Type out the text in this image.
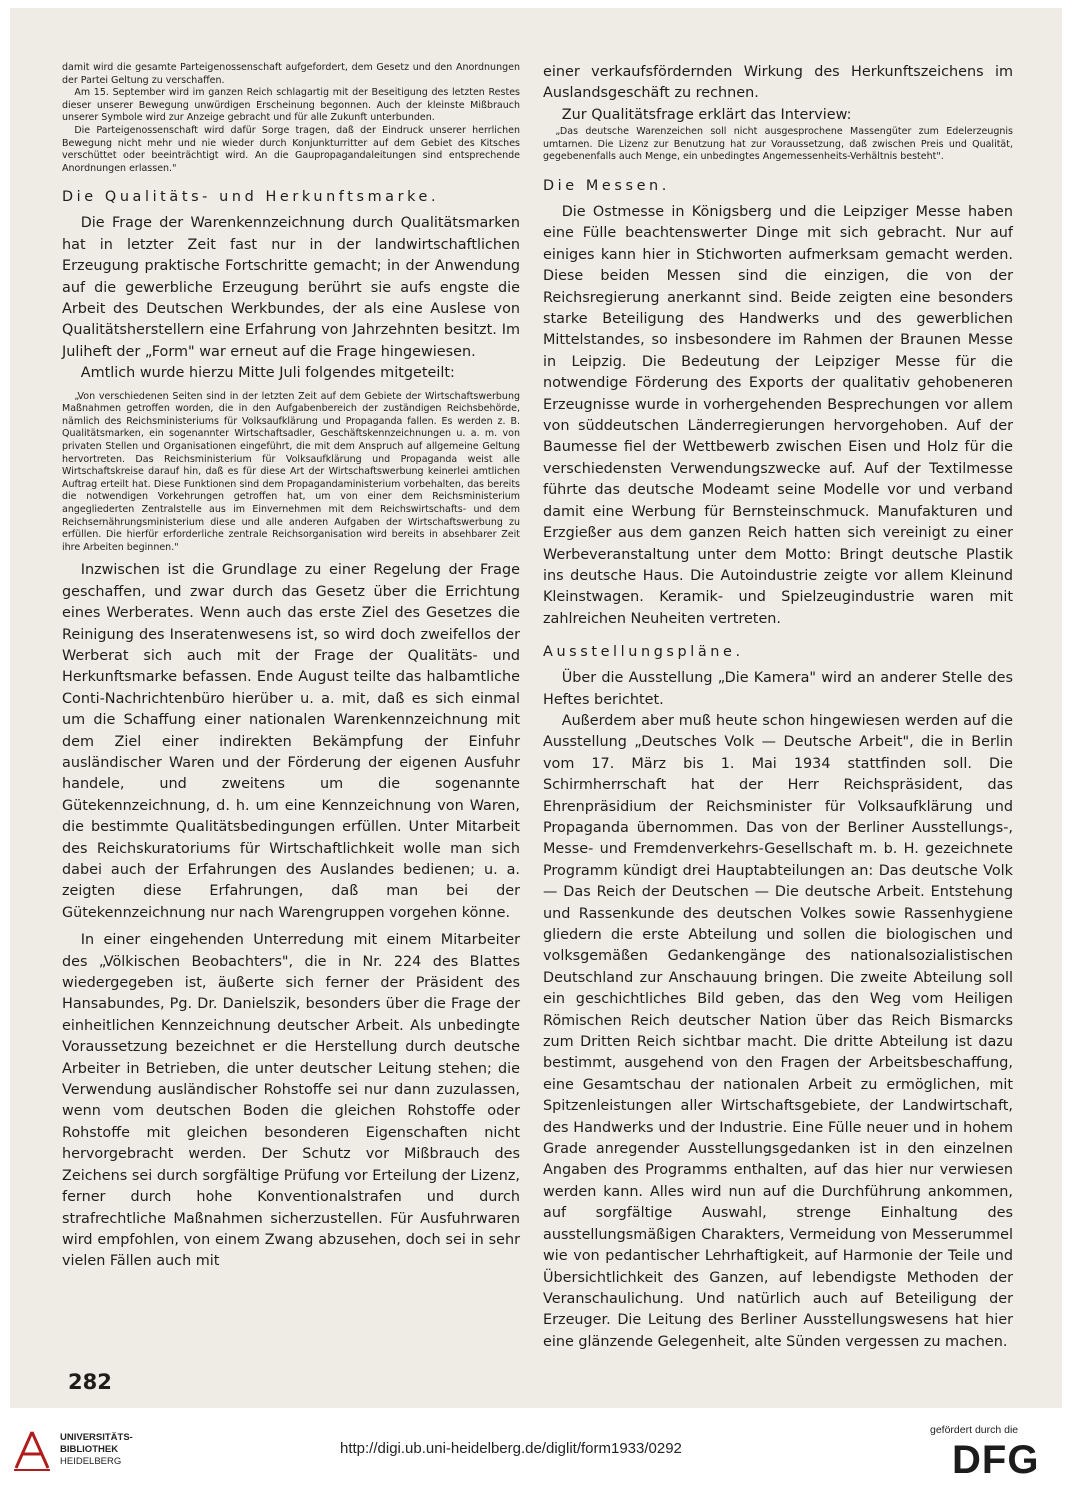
damit wird die gesamte Parteigenossenschaft aufgefordert, dem Gesetz und den Anordnungen der Partei Geltung zu verschaffen.

Am 15. September wird im ganzen Reich schlagartig mit der Beseitigung des letzten Restes dieser unserer Bewegung unwürdigen Erscheinung begonnen. Auch der kleinste Mißbrauch unserer Symbole wird zur Anzeige gebracht und für alle Zukunft unterbunden.

Die Parteigenossenschaft wird dafür Sorge tragen, daß der Eindruck unserer herrlichen Bewegung nicht mehr und nie wieder durch Konjunkturritter auf dem Gebiet des Kitsches verschüttet oder beeinträchtigt wird. An die Gaupropagandaleitungen sind entsprechende Anordnungen erlassen."

Die Qualitäts- und Herkunftsmarke.

Die Frage der Warenkennzeichnung durch Qualitätsmarken hat in letzter Zeit fast nur in der landwirtschaftlichen Erzeugung praktische Fortschritte gemacht; in der Anwendung auf die gewerbliche Erzeugung berührt sie aufs engste die Arbeit des Deutschen Werkbundes, der als eine Auslese von Qualitätsherstellern eine Erfahrung von Jahrzehnten besitzt. Im Juliheft der „Form" war erneut auf die Frage hingewiesen.

Amtlich wurde hierzu Mitte Juli folgendes mitgeteilt:

„Von verschiedenen Seiten sind in der letzten Zeit auf dem Gebiete der Wirtschaftswerbung Maßnahmen getroffen worden, die in den Aufgabenbereich der zuständigen Reichsbehörde, nämlich des Reichsministeriums für Volksaufklärung und Propaganda fallen. Es werden z. B. Qualitätsmarken, ein sogenannter Wirtschaftsadler, Geschäftskennzeichnungen u. a. m. von privaten Stellen und Organisationen eingeführt, die mit dem Anspruch auf allgemeine Geltung hervortreten. Das Reichsministerium für Volksaufklärung und Propaganda weist alle Wirtschaftskreise darauf hin, daß es für diese Art der Wirtschaftswerbung keinerlei amtlichen Auftrag erteilt hat. Diese Funktionen sind dem Propagandaministerium vorbehalten, das bereits die notwendigen Vorkehrungen getroffen hat, um von einer dem Reichsministerium angegliederten Zentralstelle aus im Einvernehmen mit dem Reichswirtschafts- und dem Reichsernährungsministerium diese und alle anderen Aufgaben der Wirtschaftswerbung zu erfüllen. Die hierfür erforderliche zentrale Reichsorganisation wird bereits in absehbarer Zeit ihre Arbeiten beginnen."

Inzwischen ist die Grundlage zu einer Regelung der Frage geschaffen, und zwar durch das Gesetz über die Errichtung eines Werberates. Wenn auch das erste Ziel des Gesetzes die Reinigung des Inseratenwesens ist, so wird doch zweifellos der Werberat sich auch mit der Frage der Qualitäts- und Herkunftsmarke befassen. Ende August teilte das halbamtliche Conti-Nachrichtenbüro hierüber u. a. mit, daß es sich einmal um die Schaffung einer nationalen Warenkennzeichnung mit dem Ziel einer indirekten Bekämpfung der Einfuhr ausländischer Waren und der Förderung der eigenen Ausfuhr handele, und zweitens um die sogenannte Gütekennzeichnung, d. h. um eine Kennzeichnung von Waren, die bestimmte Qualitätsbedingungen erfüllen. Unter Mitarbeit des Reichskuratoriums für Wirtschaftlichkeit wolle man sich dabei auch der Erfahrungen des Auslandes bedienen; u. a. zeigten diese Erfahrungen, daß man bei der Gütekennzeichnung nur nach Warengruppen vorgehen könne.

In einer eingehenden Unterredung mit einem Mitarbeiter des „Völkischen Beobachters", die in Nr. 224 des Blattes wiedergegeben ist, äußerte sich ferner der Präsident des Hansabundes, Pg. Dr. Danielszik, besonders über die Frage der einheitlichen Kennzeichnung deutscher Arbeit. Als unbedingte Voraussetzung bezeichnet er die Herstellung durch deutsche Arbeiter in Betrieben, die unter deutscher Leitung stehen; die Verwendung ausländischer Rohstoffe sei nur dann zuzulassen, wenn vom deutschen Boden die gleichen Rohstoffe oder Rohstoffe mit gleichen besonderen Eigenschaften nicht hervorgebracht werden. Der Schutz vor Mißbrauch des Zeichens sei durch sorgfältige Prüfung vor Erteilung der Lizenz, ferner durch hohe Konventionalstrafen und durch strafrechtliche Maßnahmen sicherzustellen. Für Ausfuhrwaren wird empfohlen, von einem Zwang abzusehen, doch sei in sehr vielen Fällen auch mit

einer verkaufsfördernden Wirkung des Herkunftszeichens im Auslandsgeschäft zu rechnen.

Zur Qualitätsfrage erklärt das Interview:

„Das deutsche Warenzeichen soll nicht ausgesprochene Massengüter zum Edelerzeugnis umtarnen. Die Lizenz zur Benutzung hat zur Voraussetzung, daß zwischen Preis und Qualität, gegebenenfalls auch Menge, ein unbedingtes Angemessenheits-Verhältnis besteht".

Die Messen.

Die Ostmesse in Königsberg und die Leipziger Messe haben eine Fülle beachtenswerter Dinge mit sich gebracht. Nur auf einiges kann hier in Stichworten aufmerksam gemacht werden. Diese beiden Messen sind die einzigen, die von der Reichsregierung anerkannt sind. Beide zeigten eine besonders starke Beteiligung des Handwerks und des gewerblichen Mittelstandes, so insbesondere im Rahmen der Braunen Messe in Leipzig. Die Bedeutung der Leipziger Messe für die notwendige Förderung des Exports der qualitativ gehobeneren Erzeugnisse wurde in vorhergehenden Besprechungen vor allem von süddeutschen Länderregierungen hervorgehoben. Auf der Baumesse fiel der Wettbewerb zwischen Eisen und Holz für die verschiedensten Verwendungszwecke auf. Auf der Textilmesse führte das deutsche Modeamt seine Modelle vor und verband damit eine Werbung für Bernsteinschmuck. Manufakturen und Erzgießer aus dem ganzen Reich hatten sich vereinigt zu einer Werbeveranstaltung unter dem Motto: Bringt deutsche Plastik ins deutsche Haus. Die Autoindustrie zeigte vor allem Kleinund Kleinstwagen. Keramik- und Spielzeugindustrie waren mit zahlreichen Neuheiten vertreten.

Ausstellungspläne.

Über die Ausstellung „Die Kamera" wird an anderer Stelle des Heftes berichtet.

Außerdem aber muß heute schon hingewiesen werden auf die Ausstellung „Deutsches Volk — Deutsche Arbeit", die in Berlin vom 17. März bis 1. Mai 1934 stattfinden soll. Die Schirmherrschaft hat der Herr Reichspräsident, das Ehrenpräsidium der Reichsminister für Volksaufklärung und Propaganda übernommen. Das von der Berliner Ausstellungs-, Messe- und Fremdenverkehrs-Gesellschaft m. b. H. gezeichnete Programm kündigt drei Hauptabteilungen an: Das deutsche Volk — Das Reich der Deutschen — Die deutsche Arbeit. Entstehung und Rassenkunde des deutschen Volkes sowie Rassenhygiene gliedern die erste Abteilung und sollen die biologischen und volksgemäßen Gedankengänge des nationalsozialistischen Deutschland zur Anschauung bringen. Die zweite Abteilung soll ein geschichtliches Bild geben, das den Weg vom Heiligen Römischen Reich deutscher Nation über das Reich Bismarcks zum Dritten Reich sichtbar macht. Die dritte Abteilung ist dazu bestimmt, ausgehend von den Fragen der Arbeitsbeschaffung, eine Gesamtschau der nationalen Arbeit zu ermöglichen, mit Spitzenleistungen aller Wirtschaftsgebiete, der Landwirtschaft, des Handwerks und der Industrie. Eine Fülle neuer und in hohem Grade anregender Ausstellungsgedanken ist in den einzelnen Angaben des Programms enthalten, auf das hier nur verwiesen werden kann. Alles wird nun auf die Durchführung ankommen, auf sorgfältige Auswahl, strenge Einhaltung des ausstellungsmäßigen Charakters, Vermeidung von Messerummel wie von pedantischer Lehrhaftigkeit, auf Harmonie der Teile und Übersichtlichkeit des Ganzen, auf lebendigste Methoden der Veranschaulichung. Und natürlich auch auf Beteiligung der Erzeuger. Die Leitung des Berliner Ausstellungswesens hat hier eine glänzende Gelegenheit, alte Sünden vergessen zu machen.

282
UNIVERSITÄTS-
BIBLIOTHEK
HEIDELBERG
http://digi.ub.uni-heidelberg.de/diglit/form1933/0292
gefördert durch die
DFG
